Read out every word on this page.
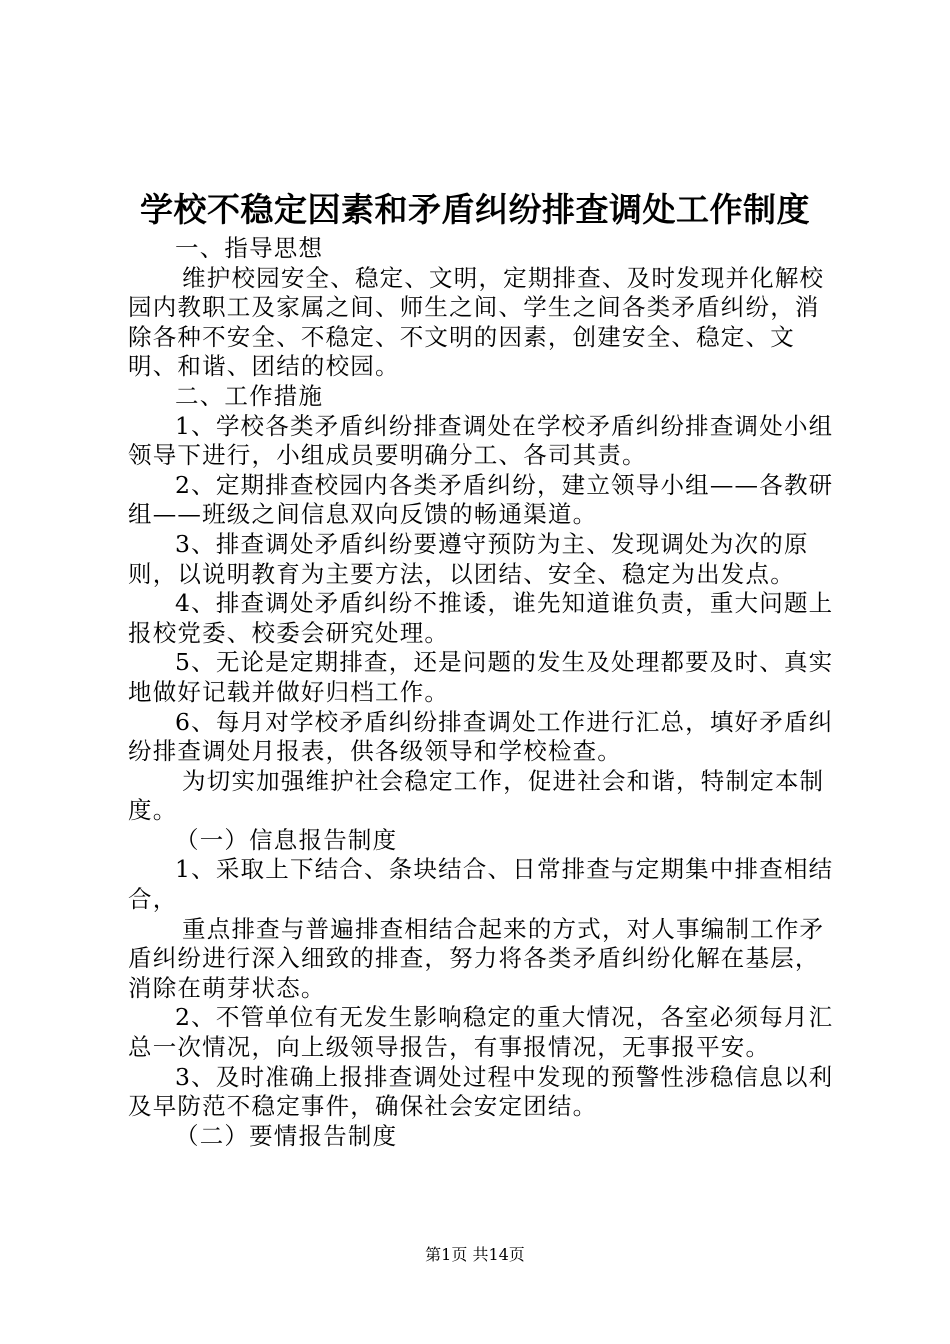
学校不稳定因素和矛盾纠纷排查调处工作制度

一、指导思想

维护校园安全、稳定、文明，定期排查、及时发现并化解校园内教职工及家属之间、师生之间、学生之间各类矛盾纠纷，消除各种不安全、不稳定、不文明的因素，创建安全、稳定、文明、和谐、团结的校园。

二、工作措施

1、学校各类矛盾纠纷排查调处在学校矛盾纠纷排查调处小组领导下进行，小组成员要明确分工、各司其责。

2、定期排查校园内各类矛盾纠纷，建立领导小组——各教研组——班级之间信息双向反馈的畅通渠道。

3、排查调处矛盾纠纷要遵守预防为主、发现调处为次的原则，以说明教育为主要方法，以团结、安全、稳定为出发点。

4、排查调处矛盾纠纷不推诿，谁先知道谁负责，重大问题上报校党委、校委会研究处理。

5、无论是定期排查，还是问题的发生及处理都要及时、真实地做好记载并做好归档工作。

6、每月对学校矛盾纠纷排查调处工作进行汇总，填好矛盾纠纷排查调处月报表，供各级领导和学校检查。

为切实加强维护社会稳定工作，促进社会和谐，特制定本制度。

（一）信息报告制度

1、采取上下结合、条块结合、日常排查与定期集中排查相结合，

重点排查与普遍排查相结合起来的方式，对人事编制工作矛盾纠纷进行深入细致的排查，努力将各类矛盾纠纷化解在基层，消除在萌芽状态。

2、不管单位有无发生影响稳定的重大情况，各室必须每月汇总一次情况，向上级领导报告，有事报情况，无事报平安。

3、及时准确上报排查调处过程中发现的预警性涉稳信息以利及早防范不稳定事件，确保社会安定团结。

（二）要情报告制度

第1页 共14页
